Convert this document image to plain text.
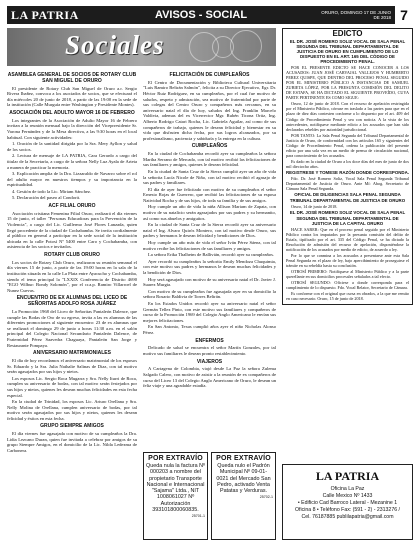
LA PATRIA	AVISOS - SOCIAL	ORURO, DOMINGO 17 DE JUNIO DE 2018 7
Sociales
ASAMBLEA GENERAL DE SOCIOS DE ROTARY CLUB SAN MIGUEL DE ORURO
El presidente de Rotary Club San Miguel de Oruro a.r. Sergio Rivera Ibañez, convoca a los asociados de socios, que se efectuará el día miércoles 20 de junio de 2018, a partir de las 19:00 en la sede de la institución (Calle Murguía entre Washington y Presidente Montes).
ASOCIACIÓN DEL ADULTO MAYOR 16 DE FEBRERO
Los integrantes de la Asociación de Adulto Mayor 16 de Febrero invitan a la reunión mensual bajo la dirección del Viceprresidente Sr. Varona Fernández y de la Mesa directiva, a las 9:30 horas en el local habitual. Con siguiente actividades:
1. Oración de la santidad dirigida por la Sra. Mery Ayllon y salud de los socios.
2. Lectura de mensaje de LA PATRIA, Cara Gerardo a cargo del titular de la Secretaría, a cargo de la señora Nelly Luz Ayala de Arteta a manera de practicar la memoria.
3. Explicación amplia de la Dra. Lizzaraldo de Navarro sobre el rol del adulto mayor en nuestros tiempos y su importancia en la espiritualidad.
4. Gestión de todo la Lic. Miriam Sánchez.
5. Declaración del paseo al Condorit.
ACF FILIAL ORURO
Asociación cristiana Femenina Filial Oruro, realizará el día viernes 15 de junio, el taller "Personas Educadoras para la Prevención de la Violencia", a cargo del Lic. Guillermo José Flores Lanzada, quien llegó procedente de la ciudad de Cochabamba. Se invita cordialmente al público en general a participar en la sede social de la institución ubicada en la calle Potosí Nº 5400 entre Caro y Cochabamba, con asistencia de los socios e invitados.
ROTARY CLUB ORURO
Los socios de Rotary Club Oruro, realizaron su reunión semanal el día viernes 15 de junio, a partir de las 19:00 horas en la sala de la institución situada en la calle La Plata entre Ayacucho y Cochabamba, siendo el tema principal la "LXXIX Conferencia de Distrito 4690 "EGO Wilbur: Bondy Solomón", por el cr.a.p. Ramiro Villarroel de Nunez Cuevas.
ENCUENTRO DE EX ALUMNAS DEL LICEO DE SEÑORITAS ADOLFO ROSA JUÁREZ
La Promoción 1968 del Liceo de Señoritas Pantaleón Dalence, que cumple las Bodas de Oro de su egreso, invita a las ex alumnas de las diferentes promociones al siguiente encuentro: 23 de ex alumnas que se realizará el domingo 29 de junio a horas 11:30 a.m. en el salón principal del Colegio Nacional Secundario Pantaleón Dalence, de Fraternidad Pérez Saavedra Chaguaya, Pantaleón San Jorge y Restaurante Pompaya.
ANIVERSARIO MATRIMONIALES
El día de hoy recordamos el aniversario matrimonial de los esposos Sr. Eduardo y la Sra. Julia Nathalie Salinas de Diaz, con tal motivo serán agasajados por sus hijos y nietos.
Los esposos Lic. Sergio Roca Mugarra y Sra. Nelly Iturri de Roca, cumplen su aniversario de bodas, con tal motivo serán festejados por sus hijos y nietos, quienes les desean muchas felicidades en esta fecha especial.
En la ciudad de Trinidad, los esposos Lic. Arturo Orellana y Sra. Nelly Molina de Orellana, cumplen aniversario de bodas, por tal motivo serán agasajados por sus hijos y nietos, quienes les desean felicidad y éxitos en esta fecha.
GRUPO SIEMPRE AMIGOS
El día viernes fue agasajada con motivo de su cumpleaños la Dra. Lidia Lezcano Duran, quien fue invitada a celebrar por amigos de su grupo Siempre Amigos, en el domicilio de la Lic. Nilda Ledezma de Carbonera.
FELICITACIÓN DE CUMPLEAÑOS
El Centro de Documentación y Biblioteca Cultural Universitaria "Luis Ramiro Beltrán Salmón", felicita a su Director Ejecutivo, Egr. Dr. Héctor Ruiz Rodríguez, en su cumpleaños, por el cual fue motivo de saludos, respeto y admiración, sea motivo de fraternidad por parte de sus colegas del Centro Oruro y compañeros más cercanos, en su aniversario natal el día de hoy, saludos del Ing. Franklin Marcelo Valdivia, ademas del ex Vicerrector Mgr. Rubén Ticona Ortiz, Ing. Alberto Rodrigo Catari Rocha, Lic. Gabriela Aguilar, así como de sus compañeros de trabajo, quienes le desean felicidad y bienestar en su vida que disfruten dicha fecha, por sus logros alcanzados, por su profesionalismo, paciencia y sabiduría y la entrega en la cultura.
CUMPLEAÑOS
En la ciudad de Cochabamba recordó ayer su cumpleaños la señora Martha Serrano de Mercado, con tal motivo recibió las felicitaciones de sus familiares y amigos, quienes le desean felicidad.
En la ciudad de Santa Cruz de la Sierra cumplió ayer un año de vida la señorita Lucía Nicole de Niño, con tal motivo recibió el agasajo de sus padres y familiares.
El día de ayer fue felicitado con motivo de su cumpleaños el señor Ernesto Rojas de Guerrero, que recibió las felicitaciones de su esposa Natividad Rocha y de sus hijos, de toda su familia y de sus amigos.
Hoy cumple un año de vida la niña Allison Mariam de Zapata, con motivo de su natalicio serán agasajados por sus padres y su hermanito, así como sus abuelos y amiguitos.
En la ciudad de Santa Cruz de la Sierra recordó ayer su aniversario natal el Ing. Alvaro Quirós Montero, con tal motivo desde Oruro, sus padres y hermanos le desean felicidad y bendiciones de Dios.
Hoy cumple un año más de vida el señor Iván Pérez Sáenz, con tal motivo recibe las felicitaciones de sus familiares y amigos.
La señora Erika Thalheim de Ballivián, recordó ayer su cumpleaños.
Ayer recordó su cumpleaños la señorita Emily Mendoza Chuquimia, con este motivo sus padres y hermanos le desean muchas felicidades y la bendición de Dios.
Hoy será agasajado con motivo de su aniversario natal el Dr. Javier J. Suarez Murgia.
Con motivo de su cumpleaños fue agasajada ayer en su domicilio la señora Rosario Baldivia de Torres Beltrán.
En los Estados Unidos recordó ayer su aniversario natal el señor Germán Tellez Pinto, con este motivo sus familiares y compañeros de curso de la Promoción 1969 del Colegio Anglo Americano le envían sus mejores felicitaciones.
En San Antonio, Texas cumplió años ayer el niño Nicholas Alonso Pérez.
ENFERMOS
Delicado de salud se encuentra el señor Martín Gonzales, por tal motivo sus familiares le desean pronto restablecimiento.
VIAJEROS
A Cartagena de Colombia, viajó desde La Paz la señora Zulema Salgado Calero, con motivo de asistir a la reunión de ex compañeros de curso del Liceo 13 del Colegio Anglo Americano de Oruro, le desean un feliz viaje y una agradable estadía.
EDICTO
EL DR. JOSÉ ROMERO SOLIZ VOCAL DE SALA PENAL SEGUNDA DEL TRIBUNAL DEPARTAMENTAL DE JUSTICIA DE ORURO EN CUMPLIMIENTO DE LO DISPUESTO EN EL ART. 165 DEL CÓDIGO DE PROCEDIMIENTO PENAL.
POR EL PRESENTE EDICTO SE HACE CONOCER A LOS ACUSADOS: JUAN JOSÉ CARVAJAL VALLEJOS Y HUMBERTO PEREZ QUISPE, QUE DENTRO DEL PROCESO PENAL SEGUIDO POR EL MINISTERIO PÚBLICO A INSTANCIAS DE SAMUEL ZUBIETA LÓPEZ, POR LA PRESUNTA COMISIÓN DEL DELITO DE ESTAFA, SE HA DICTADO EL SIGUIENTE PROVEÍDO, CUYA PARTE PERTINENTE ES COMO SIGUE:
Oruro, 12 de junio de 2018. Con el recurso de apelación restringida por el Ministerio Público, córrase en traslado a las partes para que en el plazo de diez días contesten conforme a lo dispuesto por el art. 409 del Código de Procedimiento Penal y sea con noticia. A la vista de los antecedentes, notifíquese mediante edicto a los acusados que han sido declarados rebeldes por autoridad jurisdiccional.
POR TANTO: La Sala Penal Segunda del Tribunal Departamental de Justicia de Oruro, de conformidad con los artículos 165 y siguientes del Código de Procedimiento Penal, ordena la publicación del presente edicto por una sola vez en un medio de prensa de circulación nacional, para conocimiento de los acusados.
Es dado en la ciudad de Oruro a los doce días del mes de junio de dos mil dieciocho años.
REGISTRESE Y TOMESE RAZÓN DONDE CORRESPONDA.
Fdo. Dr. José Romero Soliz, Vocal Sala Penal Segunda Tribunal Departamental de Justicia de Oruro. Ante Mí: Abog. Secretario de Cámara Sala Penal Segunda.
OFICIAL DE DILIGENCIAS SALA PENAL SEGUNDA
TRIBUNAL DEPARTAMENTAL DE JUSTICIA DE ORURO
Oruro, 14 de junio de 2018.
EL DR. JOSÉ ROMERO SOLIZ VOCAL DE SALA PENAL SEGUNDA DEL TRIBUNAL DEPARTAMENTAL DE JUSTICIA DE LA CAPITAL ORURO
HACE SABER: Que en el proceso penal seguido por el Ministerio Público contra los imputados por la presunta comisión del delito de Estafa, tipificado por el art. 335 del Código Penal, se ha dictado la Resolución de admisión del recurso de apelación, disponiéndose la notificación de los acusados por medio de edicto, de acuerdo a ley.
Por lo que se conmina a los acusados a presentarse ante esta Sala Penal Segunda en el plazo de ley, bajo apercibimiento de proseguirse el trámite en su rebeldía hasta su conclusión.
OTROSÍ PRIMERO: Notifíquese al Ministerio Público y a la parte querellante en sus domicilios procesales señalados a tal efecto.
OTROSÍ SEGUNDO: Ofíciese a donde corresponda para el cumplimiento de lo dispuesto. Fdo. Vocal Relator, Secretario de Cámara.
Es conforme con el original que cursa en obrados, a la que me remito en caso necesario. Oruro, 15 de junio de 2018.
POR EXTRAVÍO
Queda nula la factura Nº 000203 a nombre del propietario Transporte Nacional e Internacional "Sajama" Ltda., NIT 1008061027 Nº Autorización 393101800060835.
25701-1
POR EXTRAVÍO
Queda nulo el Padrón Municipal Nº 09-01-0021 del Mercado San Pedro, activado Venta Patatas y Verduras.
25702-1
LA PATRIA
Oficina La Paz
Calle Mexico Nº 1433
• Edificio Cad Barroco Lateral - Mezanine 1
Oficina 8 • Teléfono Fax: (591 - 2) - 2313276 /
Cel. 76187885 publilapatria@gmail.com
